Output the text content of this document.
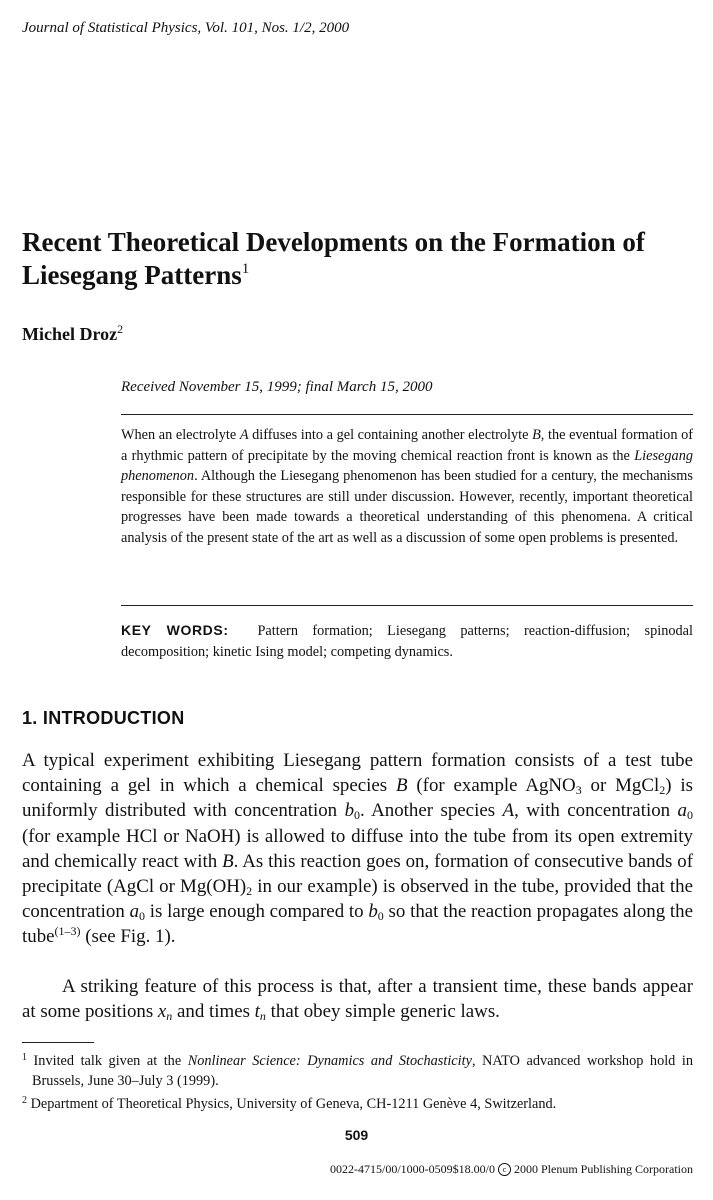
Journal of Statistical Physics, Vol. 101, Nos. 1/2, 2000
Recent Theoretical Developments on the Formation of Liesegang Patterns$^1$
Michel Droz$^2$
Received November 15, 1999; final March 15, 2000

When an electrolyte A diffuses into a gel containing another electrolyte B, the eventual formation of a rhythmic pattern of precipitate by the moving chemical reaction front is known as the Liesegang phenomenon. Although the Liesegang phenomenon has been studied for a century, the mechanisms responsible for these structures are still under discussion. However, recently, important theoretical progresses have been made towards a theoretical understanding of this phenomena. A critical analysis of the present state of the art as well as a discussion of some open problems is presented.

KEY WORDS: Pattern formation; Liesegang patterns; reaction-diffusion; spinodal decomposition; kinetic Ising model; competing dynamics.

1. INTRODUCTION

A typical experiment exhibiting Liesegang pattern formation consists of a test tube containing a gel in which a chemical species B (for example AgNO$_3$ or MgCl$_2$) is uniformly distributed with concentration $b_0$. Another species A, with concentration $a_0$ (for example HCl or NaOH) is allowed to diffuse into the tube from its open extremity and chemically react with B. As this reaction goes on, formation of consecutive bands of precipitate (AgCl or $Mg(OH)_2$ in our example) is observed in the tube, provided that the concentration $a_0$ is large enough compared to $b_0$ so that the reaction propagates along the tube$^{(1-3)}$ (see Fig. 1).

A striking feature of this process is that, after a transient time, these bands appear at some positions $x_n$ and times $t_n$ that obey simple generic laws.

$^1$ Invited talk given at the Nonlinear Science: Dynamics and Stochasticity, NATO advanced workshop hold in Brussels, June 30–July 3 (1999).

$^2$ Department of Theoretical Physics, University of Geneva, CH-1211 Genève 4, Switzerland.

509
0022-4715/00/1000-0509$18.00/0 c 2000 Plenum Publishing Corporation
